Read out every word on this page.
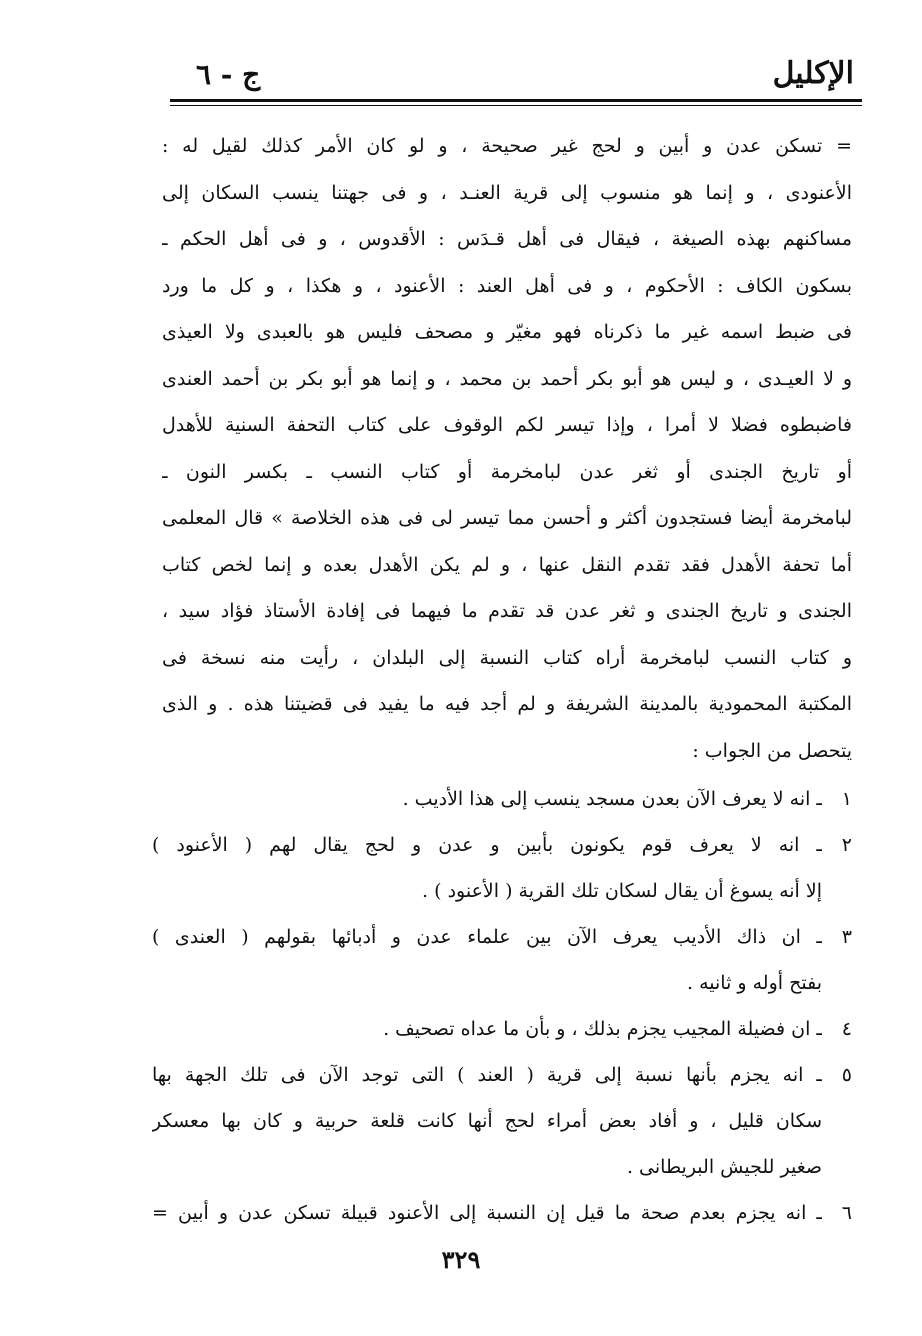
الإكليل
ج - ٦
= تسكن عدن و أبين و لحج غير صحيحة ، و لو كان الأمر كذلك لقيل له :
الأعنودى ، و إنما هو منسوب إلى قرية العنـد ، و فى جهتنا ينسب السكان إلى
مساكنهم بهذه الصيغة ، فيقال فى أهل قـدَس : الأقدوس ، و فى أهل الحكم ـ
بسكون الكاف : الأحكوم ، و فى أهل العند : الأعنود ، و هكذا ، و كل ما ورد
فى ضبط اسمه غير ما ذكرناه فهو مغيّر و مصحف فليس هو بالعبدى ولا العيذى
و لا العيـدى ، و ليس هو أبو بكر أحمد بن محمد ، و إنما هو أبو بكر بن أحمد العندى
فاضبطوه فضلا لا أمرا ، وإذا تيسر لكم الوقوف على كتاب التحفة السنية للأهدل
أو تاريخ الجندى أو ثغر عدن لبامخرمة أو كتاب النسب ـ بكسر النون ـ
لبامخرمة أيضا فستجدون أكثر و أحسن مما تيسر لى فى هذه الخلاصة » قال المعلمى
أما تحفة الأهدل فقد تقدم النقل عنها ، و لم يكن الأهدل بعده و إنما لخص كتاب
الجندى و تاريخ الجندى و ثغر عدن قد تقدم ما فيهما فى إفادة الأستاذ فؤاد سيد ،
و كتاب النسب لبامخرمة أراه كتاب النسبة إلى البلدان ، رأيت منه نسخة فى
المكتبة المحمودية بالمدينة الشريفة و لم أجد فيه ما يفيد فى قضيتنا هذه . و الذى
يتحصل من الجواب :
١
ـ انه لا يعرف الآن بعدن مسجد ينسب إلى هذا الأديب .
٢
ـ انه لا يعرف قوم يكونون بأبين و عدن و لحج يقال لهم ( الأعنود )
إلا أنه يسوغ أن يقال لسكان تلك القرية ( الأعنود ) .
٣
ـ ان ذاك الأديب يعرف الآن بين علماء عدن و أدبائها بقولهم ( العندى )
بفتح أوله و ثانيه .
٤
ـ ان فضيلة المجيب يجزم بذلك ، و بأن ما عداه تصحيف .
٥
ـ انه يجزم بأنها نسبة إلى قرية ( العند ) التى توجد الآن فى تلك الجهة بها
سكان قليل ، و أفاد بعض أمراء لحج أنها كانت قلعة حربية و كان بها معسكر
صغير للجيش البريطانى .
٦
ـ انه يجزم بعدم صحة ما قيل إن النسبة إلى الأعنود قبيلة تسكن عدن و أبين =
٣٢٩
